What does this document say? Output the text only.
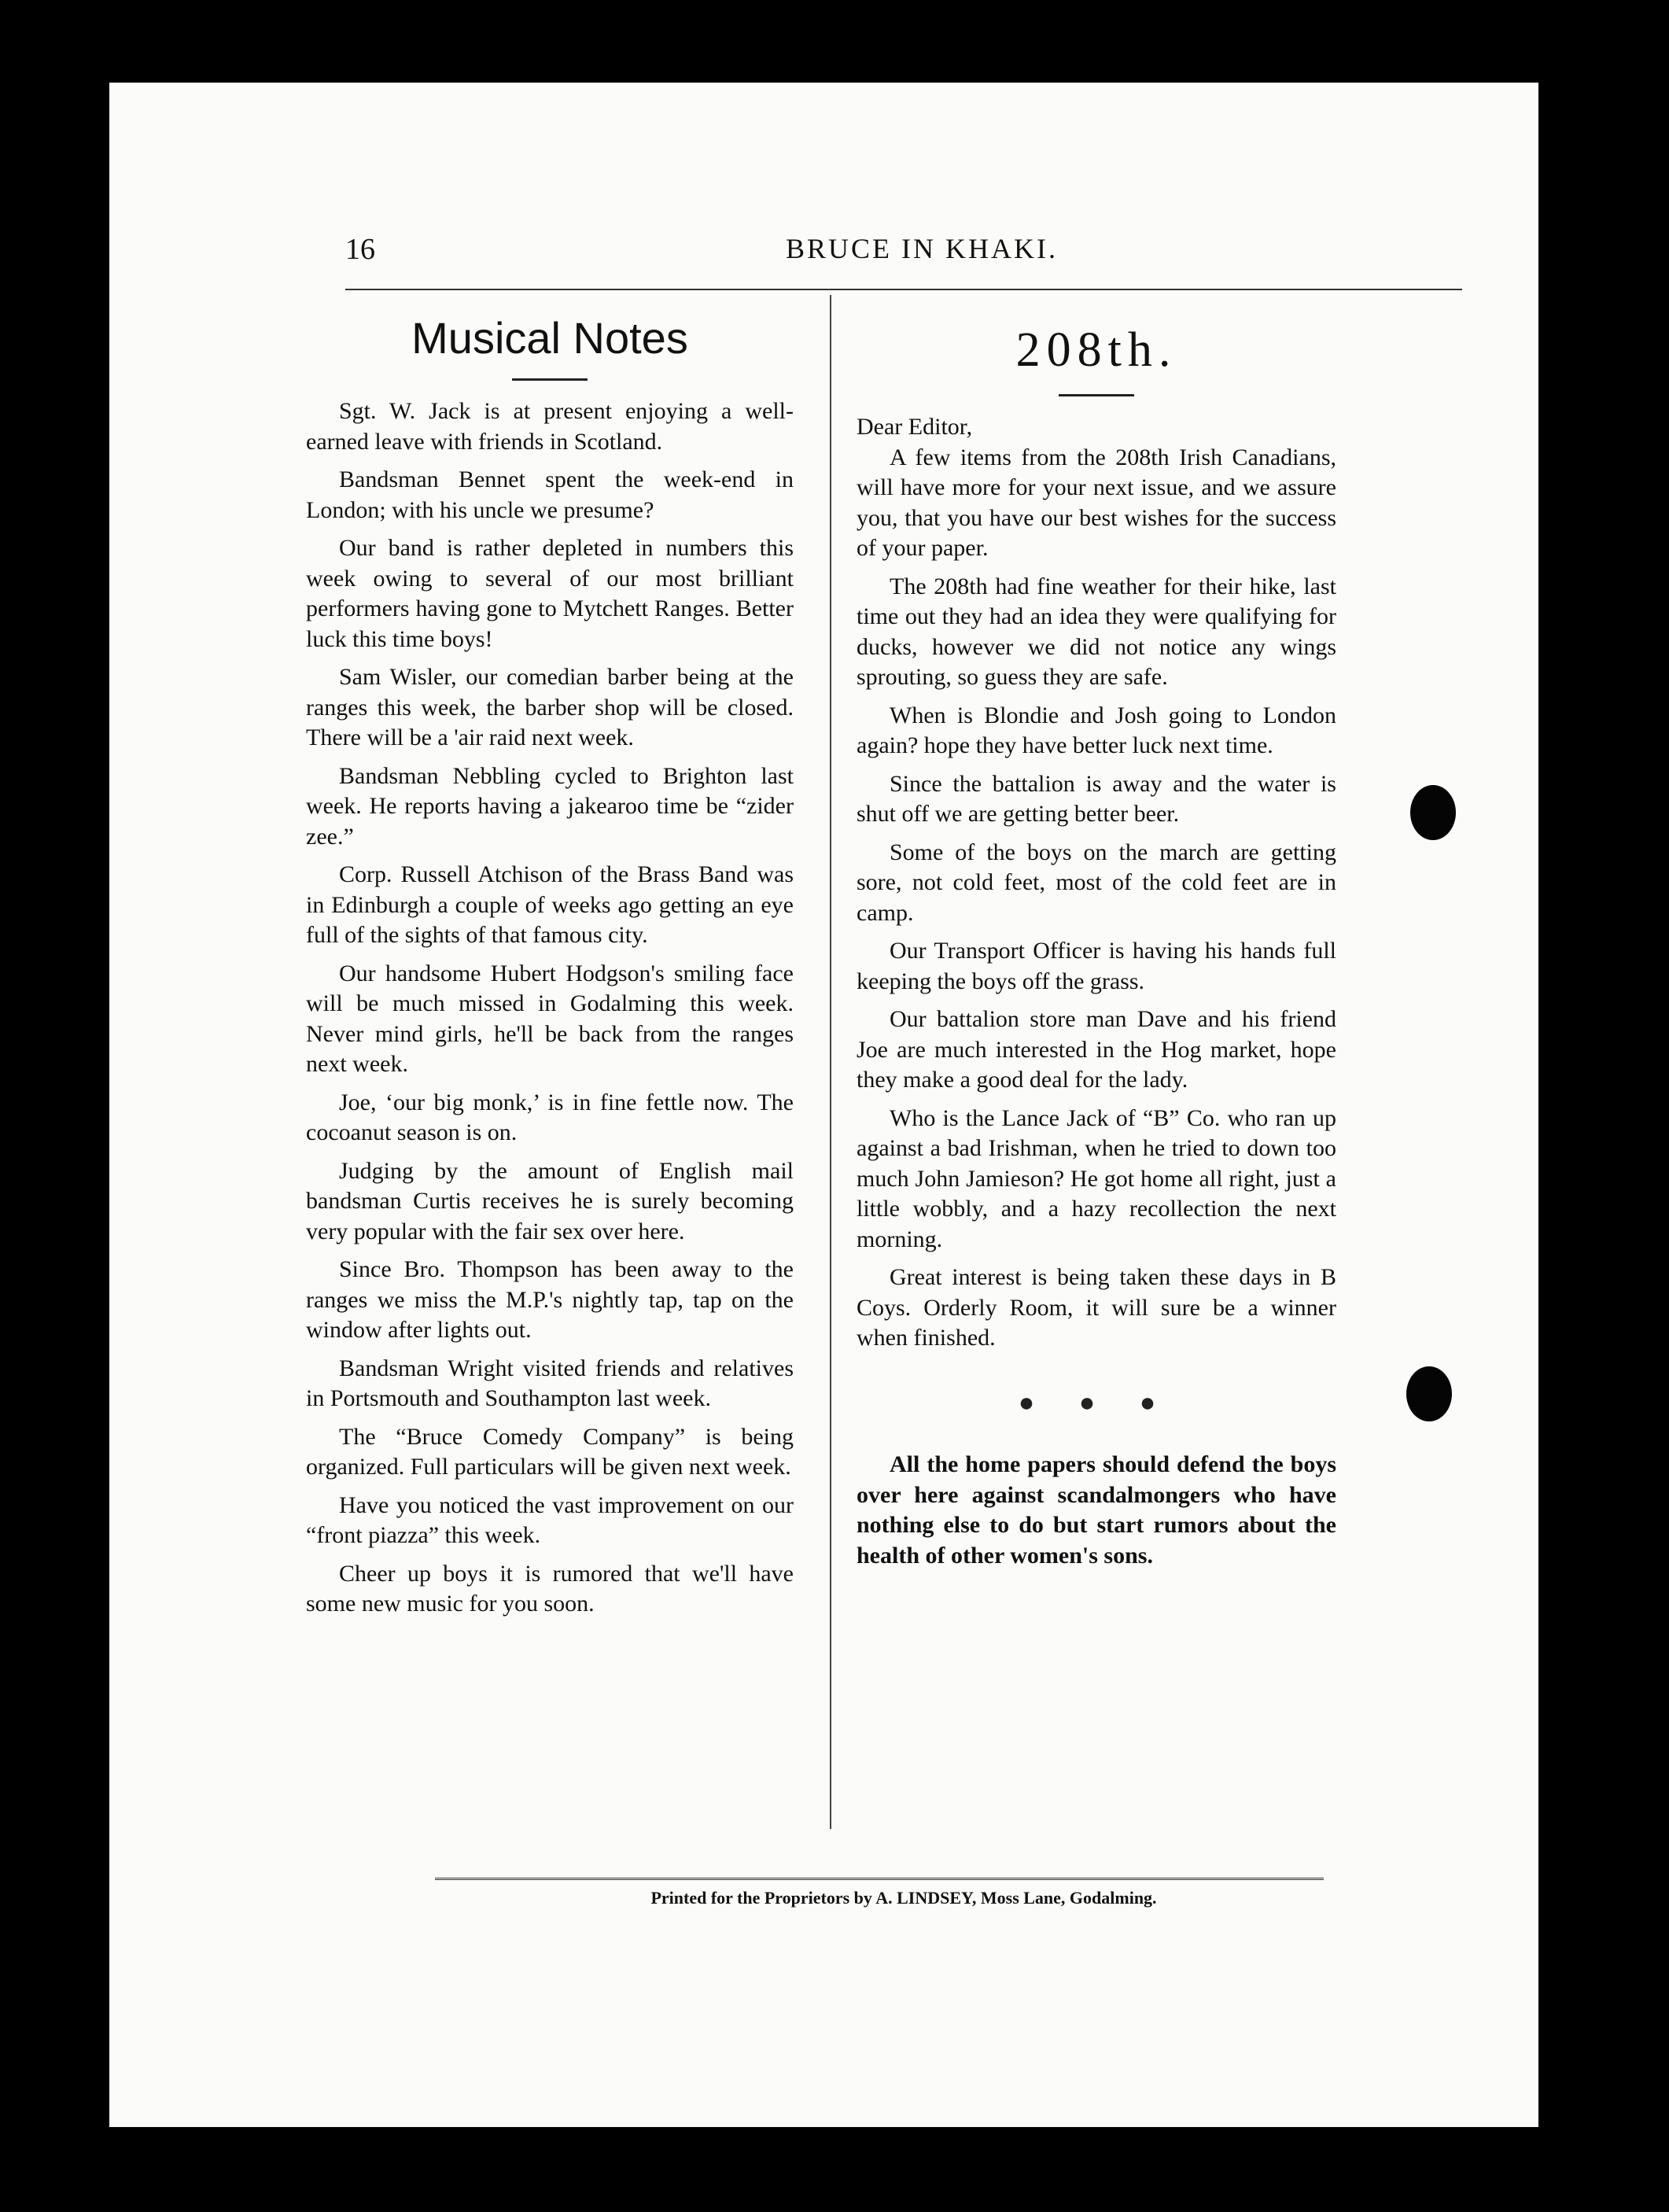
16	BRUCE IN KHAKI.
Musical Notes

Sgt. W. Jack is at present enjoying a well-earned leave with friends in Scotland.

Bandsman Bennet spent the week-end in London; with his uncle we presume?

Our band is rather depleted in numbers this week owing to several of our most brilliant performers having gone to Mytchett Ranges. Better luck this time boys!

Sam Wisler, our comedian barber being at the ranges this week, the barber shop will be closed. There will be a 'air raid next week.

Bandsman Nebbling cycled to Brighton last week. He reports having a jakearoo time be “zider zee.”

Corp. Russell Atchison of the Brass Band was in Edinburgh a couple of weeks ago getting an eye full of the sights of that famous city.

Our handsome Hubert Hodgson's smiling face will be much missed in Godalming this week. Never mind girls, he'll be back from the ranges next week.

Joe, ‘our big monk,’ is in fine fettle now. The cocoanut season is on.

Judging by the amount of English mail bandsman Curtis receives he is surely becoming very popular with the fair sex over here.

Since Bro. Thompson has been away to the ranges we miss the M.P.'s nightly tap, tap on the window after lights out.

Bandsman Wright visited friends and relatives in Portsmouth and Southampton last week.

The “Bruce Comedy Company” is being organized. Full particulars will be given next week.

Have you noticed the vast improvement on our “front piazza” this week.

Cheer up boys it is rumored that we'll have some new music for you soon.

208th.

Dear Editor,

A few items from the 208th Irish Canadians, will have more for your next issue, and we assure you, that you have our best wishes for the success of your paper.

The 208th had fine weather for their hike, last time out they had an idea they were qualifying for ducks, however we did not notice any wings sprouting, so guess they are safe.

When is Blondie and Josh going to London again? hope they have better luck next time.

Since the battalion is away and the water is shut off we are getting better beer.

Some of the boys on the march are getting sore, not cold feet, most of the cold feet are in camp.

Our Transport Officer is having his hands full keeping the boys off the grass.

Our battalion store man Dave and his friend Joe are much interested in the Hog market, hope they make a good deal for the lady.

Who is the Lance Jack of “B” Co. who ran up against a bad Irishman, when he tried to down too much John Jamieson? He got home all right, just a little wobbly, and a hazy recollection the next morning.

Great interest is being taken these days in B Coys. Orderly Room, it will sure be a winner when finished.

● ● ●

All the home papers should defend the boys over here against scandalmongers who have nothing else to do but start rumors about the health of other women's sons.

Printed for the Proprietors by A. LINDSEY, Moss Lane, Godalming.
